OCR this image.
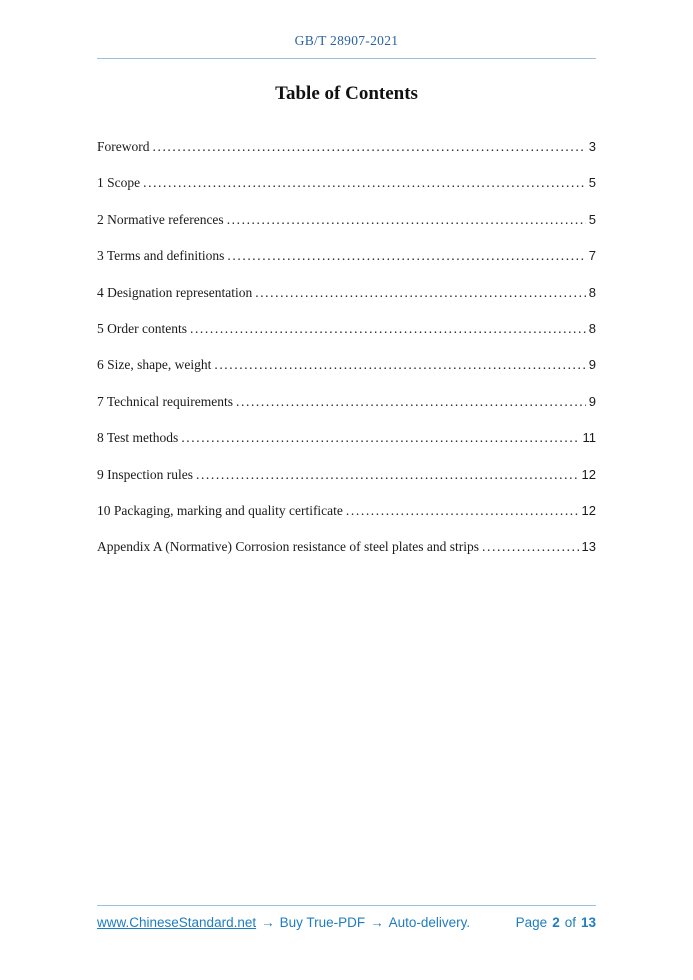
GB/T 28907-2021
Table of Contents
Foreword .....	3
1 Scope .....	5
2 Normative references .....	5
3 Terms and definitions .....	7
4 Designation representation .....	8
5 Order contents .....	8
6 Size, shape, weight .....	9
7 Technical requirements .....	9
8 Test methods .....	11
9 Inspection rules .....	12
10 Packaging, marking and quality certificate .....	12
Appendix A (Normative) Corrosion resistance of steel plates and strips .....	13
www.ChineseStandard.net → Buy True-PDF → Auto-delivery.	Page 2 of 13
